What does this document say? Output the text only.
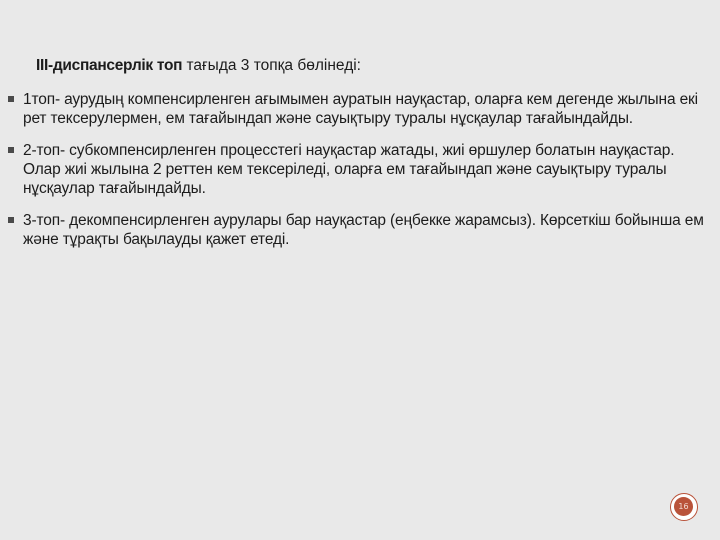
ІІІ-диспансерлік топ тағыда 3 топқа бөлінеді:
1топ- аурудың компенсирленген ағымымен ауратын науқастар, оларға кем дегенде жылына екі рет тексерулермен, ем тағайындап және сауықтыру туралы нұсқаулар тағайындайды.
2-топ- субкомпенсирленген процесстегі науқастар жатады, жиі өршулер болатын науқастар. Олар жиі жылына 2 реттен кем тексеріледі, оларға ем тағайындап және сауықтыру туралы нұсқаулар тағайындайды.
3-топ- декомпенсирленген аурулары бар науқастар (еңбекке жарамсыз). Көрсеткіш бойынша ем және тұрақты бақылауды қажет етеді.
16
